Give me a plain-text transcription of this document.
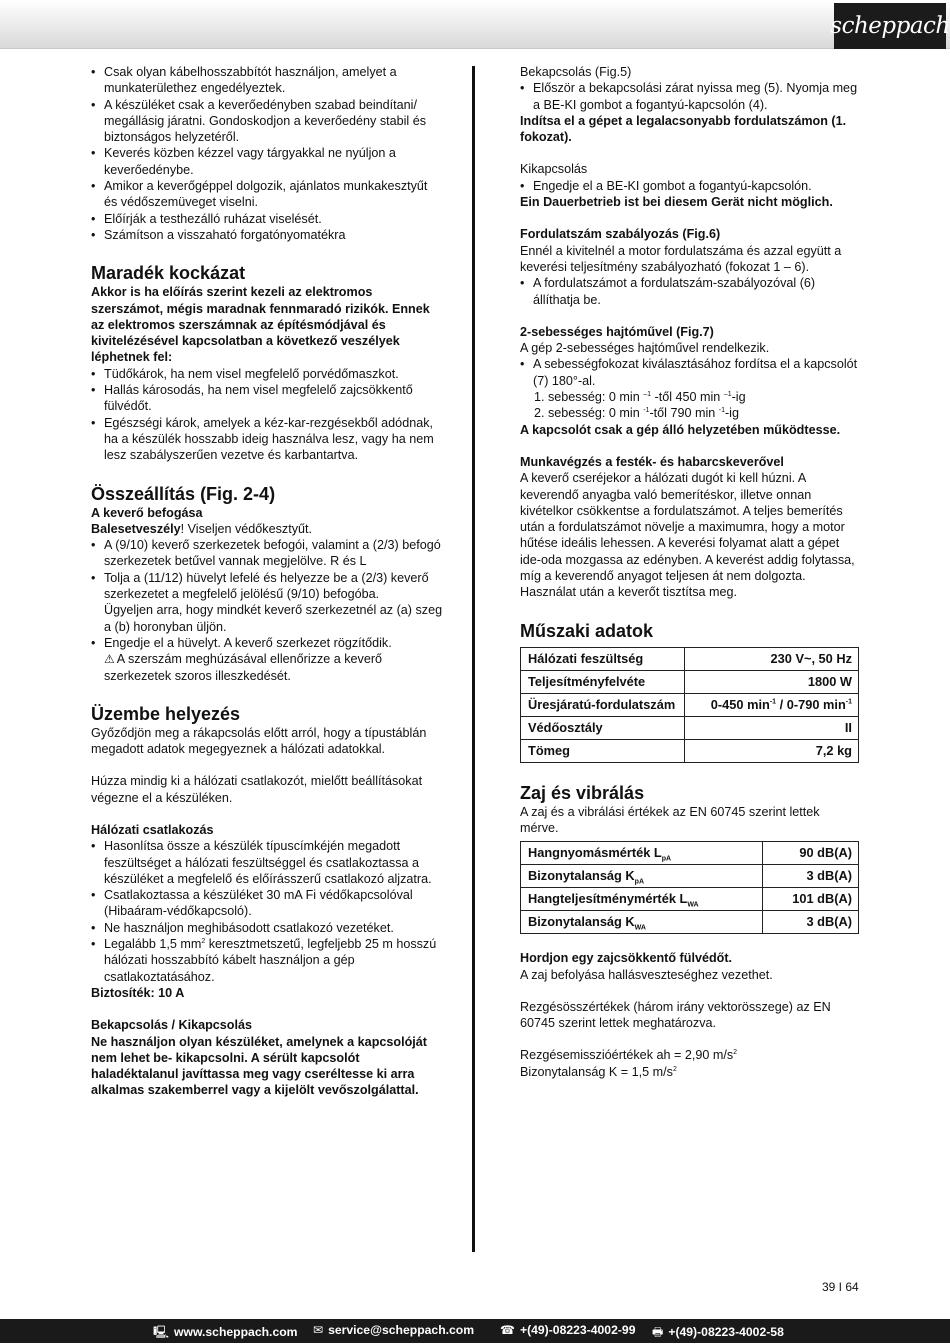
scheppach
• Csak olyan kábelhosszabbítót használjon, amelyet a munkaterülethez engedélyeztek.
• A készüléket csak a keverőedényben szabad beindítani/ megállásig járatni. Gondoskodjon a keverőedény stabil és biztonságos helyzetéről.
• Keverés közben kézzel vagy tárgyakkal ne nyúljon a keverőedénybe.
• Amikor a keverőgéppel dolgozik, ajánlatos munkakesztyűt és védőszemüveget viselni.
• Előírják a testhezálló ruházat viselését.
• Számítson a visszaható forgatónyomatékra
Maradék kockázat

Akkor is ha előírás szerint kezeli az elektromos szerszámot, mégis maradnak fennmaradó rizikók. Ennek az elektromos szerszámnak az építésmódjával és kivitelézésével kapcsolatban a következő veszélyek léphetnek fel:

• Tüdőkárok, ha nem visel megfelelő porvédőmaszkot.
• Hallás károsodás, ha nem visel megfelelő zajcsökkentő fülvédőt.
• Egészségi károk, amelyek a kéz-kar-rezgésekből adódnak, ha a készülék hosszabb ideig használva lesz, vagy ha nem lesz szabályszerűen vezetve és karbantartva.
Összeállítás (Fig. 2-4)

A keverő befogása

Balesetveszély! Viseljen védőkesztyűt.

• A (9/10) keverő szerkezetek befogói, valamint a (2/3) befogó szerkezetek betűvel vannak megjelölve. R és L
• Tolja a (11/12) hüvelyt lefelé és helyezze be a (2/3) keverő szerkezetet a megfelelő jelölésű (9/10) befogóba.
Ügyeljen arra, hogy mindkét keverő szerkezetnél az (a) szeg a (b) horonyban üljön.
• Engedje el a hüvelyt. A keverő szerkezet rögzítődik.
⚠ A szerszám meghúzásával ellenőrizze a keverő szerkezetek szoros illeszkedését.
Üzembe helyezés

Győződjön meg a rákapcsolás előtt arról, hogy a típustáblán megadott adatok megegyeznek a hálózati adatokkal.

Húzza mindig ki a hálózati csatlakozót, mielőtt beállításokat végezne el a készüléken.

Hálózati csatlakozás

• Hasonlítsa össze a készülék típuscímkéjén megadott feszültséget a hálózati feszültséggel és csatlakoztassa a készüléket a megfelelő és előírásszerű csatlakozó aljzatra.
• Csatlakoztassa a készüléket 30 mA Fi védőkapcsolóval (Hibaáram-védőkapcsoló).
• Ne használjon meghibásodott csatlakozó vezetéket.
• Legalább 1,5 $mm^2$ keresztmetszetű, legfeljebb 25 m hosszú hálózati hosszabbító kábelt használjon a gép csatlakoztatásához.

Biztosíték: 10 A

Bekapcsolás / Kikapcsolás

Ne használjon olyan készüléket, amelynek a kapcsolóját nem lehet be- kikapcsolni. A sérült kapcsolót haladéktalanul javíttassa meg vagy cseréltesse ki arra alkalmas szakemberrel vagy a kijelölt vevőszolgálattal.

Bekapcsolás (Fig.5)

• Először a bekapcsolási zárat nyissa meg (5). Nyomja meg a BE-KI gombot a fogantyú-kapcsolón (4).

Indítsa el a gépet a legalacsonyabb fordulatszámon (1. fokozat).

Kikapcsolás

• Engedje el a BE-KI gombot a fogantyú-kapcsolón.

Ein Dauerbetrieb ist bei diesem Gerät nicht möglich.

Fordulatszám szabályozás (Fig.6)

Ennél a kivitelnél a motor fordulatszáma és azzal együtt a keverési teljesítmény szabályozható (fokozat 1 – 6).

• A fordulatszámot a fordulatszám-szabályozóval (6) állíthatja be.

2-sebességes hajtóművel (Fig.7)

A gép 2-sebességes hajtóművel rendelkezik.

• A sebességfokozat kiválasztásához fordítsa el a kapcsolót (7) 180°-al.

1. sebesség: 0 min $^{-1}$ -től 450 min $^{-1}$-ig

2. sebesség: 0 min $^{-1}$-től 790 min $^{-1}$-ig

A kapcsolót csak a gép álló helyzetében működtesse.

Munkavégzés a festék- és habarcskeverővel

A keverő cseréjekor a hálózati dugót ki kell húzni. A keverendő anyagba való bemerítéskor, illetve onnan kivételkor csökkentse a fordulatszámot. A teljes bemerítés után a fordulatszámot növelje a maximumra, hogy a motor hűtése ideális lehessen. A keverési folyamat alatt a gépet ide-oda mozgassa az edényben. A keverést addig folytassa, míg a keverendő anyagot teljesen át nem dolgozta. Használat után a keverőt tisztítsa meg.

Műszaki adatok
Hálózati feszültség	230 V~, 50 Hz
Teljesítményfelvéte	1800 W
Üresjáratú-fordulatszám	0-450 $\min^{-1} / 0-790$ $\min^{-1}$
Védőosztály	II
Tömeg	7,2 kg
Zaj és vibrálás

A zaj és a vibrálási értékek az EN 60745 szerint lettek mérve.

Hangnyomásmérték $L_{pA}$	90 dB(A)
Bizonytalanság $K_{pA}$	3 dB(A)
Hangteljesítménymérték $L_{WA}$	101 dB(A)
Bizonytalanság $K_{WA}$	3 dB(A)

Hordjon egy zajcsökkentő fülvédőt.

A zaj befolyása hallásveszteséghez vezethet.

Rezgésösszértékek (három irány vektorösszege) az EN 60745 szerint lettek meghatározva.

Rezgésemisszióértékek ah = 2,90 $m/s^2$

Bizonytalanság K = 1,5 $m/s^2$

39 I 64
🖳 www.scheppach.com ✉ service@scheppach.com ☎ +(49)-08223-4002-99 🖶 +(49)-08223-4002-58
